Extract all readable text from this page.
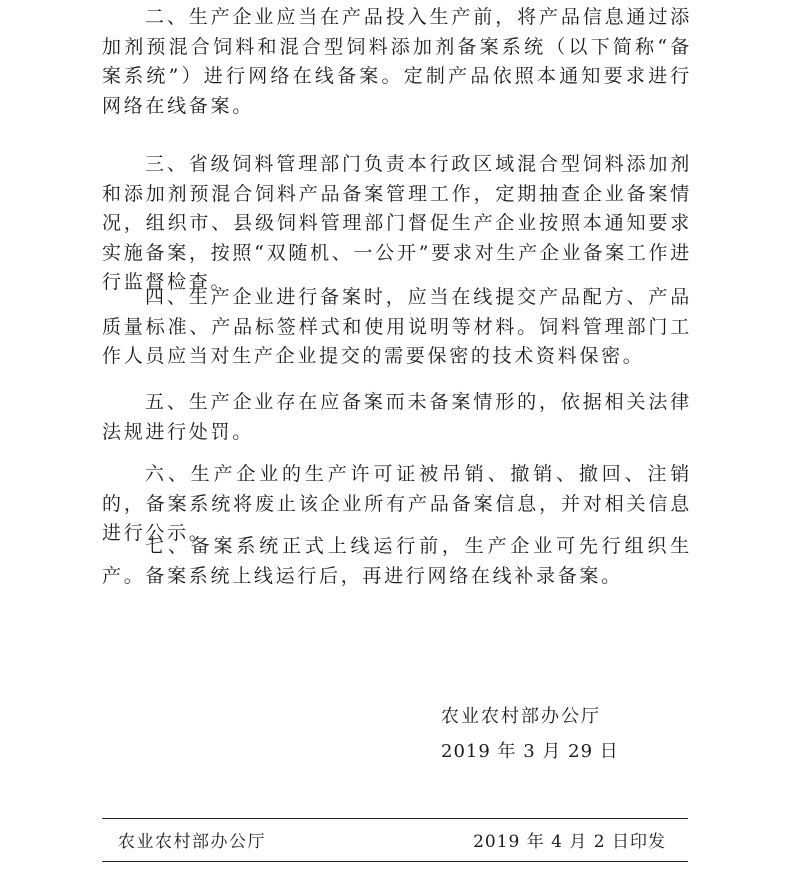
二、生产企业应当在产品投入生产前，将产品信息通过添加剂预混合饲料和混合型饲料添加剂备案系统（以下简称“备案系统”）进行网络在线备案。定制产品依照本通知要求进行网络在线备案。

三、省级饲料管理部门负责本行政区域混合型饲料添加剂和添加剂预混合饲料产品备案管理工作，定期抽查企业备案情况，组织市、县级饲料管理部门督促生产企业按照本通知要求实施备案，按照“双随机、一公开”要求对生产企业备案工作进行监督检查。

四、生产企业进行备案时，应当在线提交产品配方、产品质量标准、产品标签样式和使用说明等材料。饲料管理部门工作人员应当对生产企业提交的需要保密的技术资料保密。

五、生产企业存在应备案而未备案情形的，依据相关法律法规进行处罚。

六、生产企业的生产许可证被吊销、撤销、撤回、注销的，备案系统将废止该企业所有产品备案信息，并对相关信息进行公示。

七、备案系统正式上线运行前，生产企业可先行组织生产。备案系统上线运行后，再进行网络在线补录备案。

农业农村部办公厅

2019 年 3 月 29 日

农业农村部办公厅	2019 年 4 月 2 日印发
